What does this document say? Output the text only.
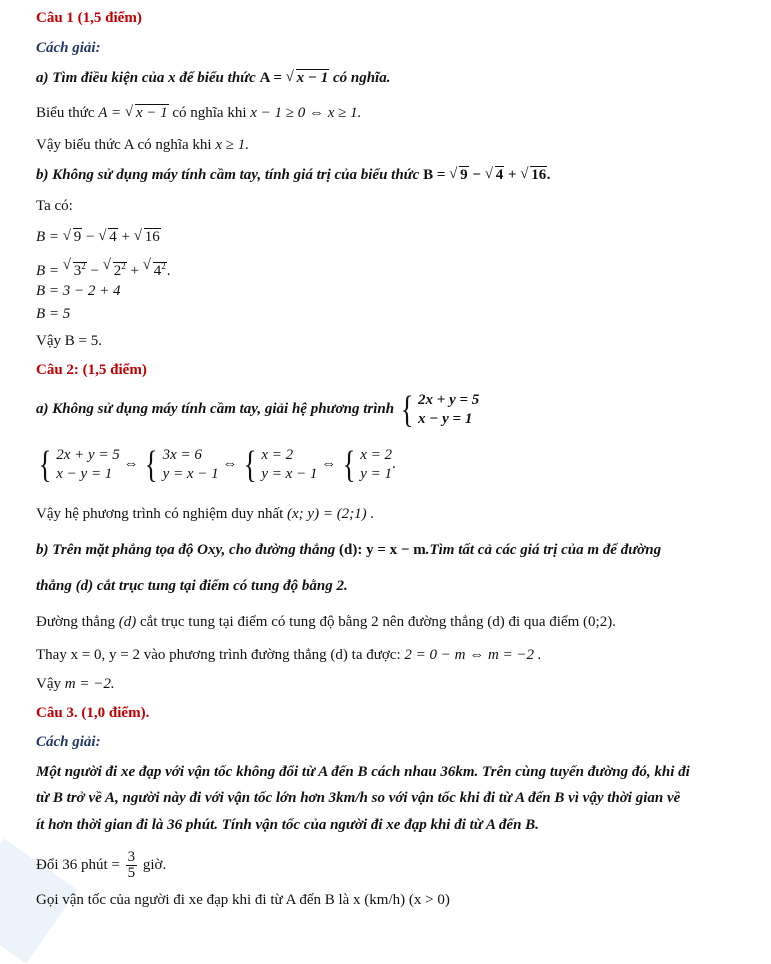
Câu 1 (1,5 điểm)
Cách giải:
a) Tìm điều kiện của x để biểu thức A = √ x − 1 có nghĩa.
Biểu thức A = √ x − 1 có nghĩa khi x − 1 ≥ 0 ⇔ x ≥ 1.
Vậy biểu thức A có nghĩa khi x ≥ 1.
b) Không sử dụng máy tính cầm tay, tính giá trị của biểu thức B = √ 9 − √ 4 + √ 16.
Ta có:
B = √ 9 − √ 4 + √ 16
B = √ $3^2$ − √ $2^2$ + √ $4^2$.
B = 3 − 2 + 4
B = 5
Vậy B = 5.
Câu 2: (1,5 điểm)
a) Không sử dụng máy tính cầm tay, giải hệ phương trình { 2x + y = 5
x − y = 1
{ 2x + y = 5
x − y = 1
⇔ { 3x = 6
y = x − 1
⇔ { x = 2
y = x − 1
⇔ { x = 2
y = 1
.
Vậy hệ phương trình có nghiệm duy nhất (x; y) = (2;1) .
b) Trên mặt phẳng tọa độ Oxy, cho đường thẳng (d): y = x − m.Tìm tất cả các giá trị của m để đường
thẳng (d) cắt trục tung tại điểm có tung độ bằng 2.
Đường thẳng (d) cắt trục tung tại điểm có tung độ bằng 2 nên đường thẳng (d) đi qua điểm (0;2).
Thay x = 0, y = 2 vào phương trình đường thẳng (d) ta được: 2 = 0 − m ⇔ m = −2 .
Vậy m = −2.
Câu 3. (1,0 điểm).
Cách giải:
Một người đi xe đạp với vận tốc không đổi từ A đến B cách nhau 36km. Trên cùng tuyến đường đó, khi đi
từ B trở về A, người này đi với vận tốc lớn hơn 3km/h so với vận tốc khi đi từ A đến B vì vậy thời gian về
ít hơn thời gian đi là 36 phút. Tính vận tốc của người đi xe đạp khi đi từ A đến B.
Đổi 36 phút = $\frac{3}{5}$ giờ.
Gọi vận tốc của người đi xe đạp khi đi từ A đến B là x (km/h) (x > 0)
